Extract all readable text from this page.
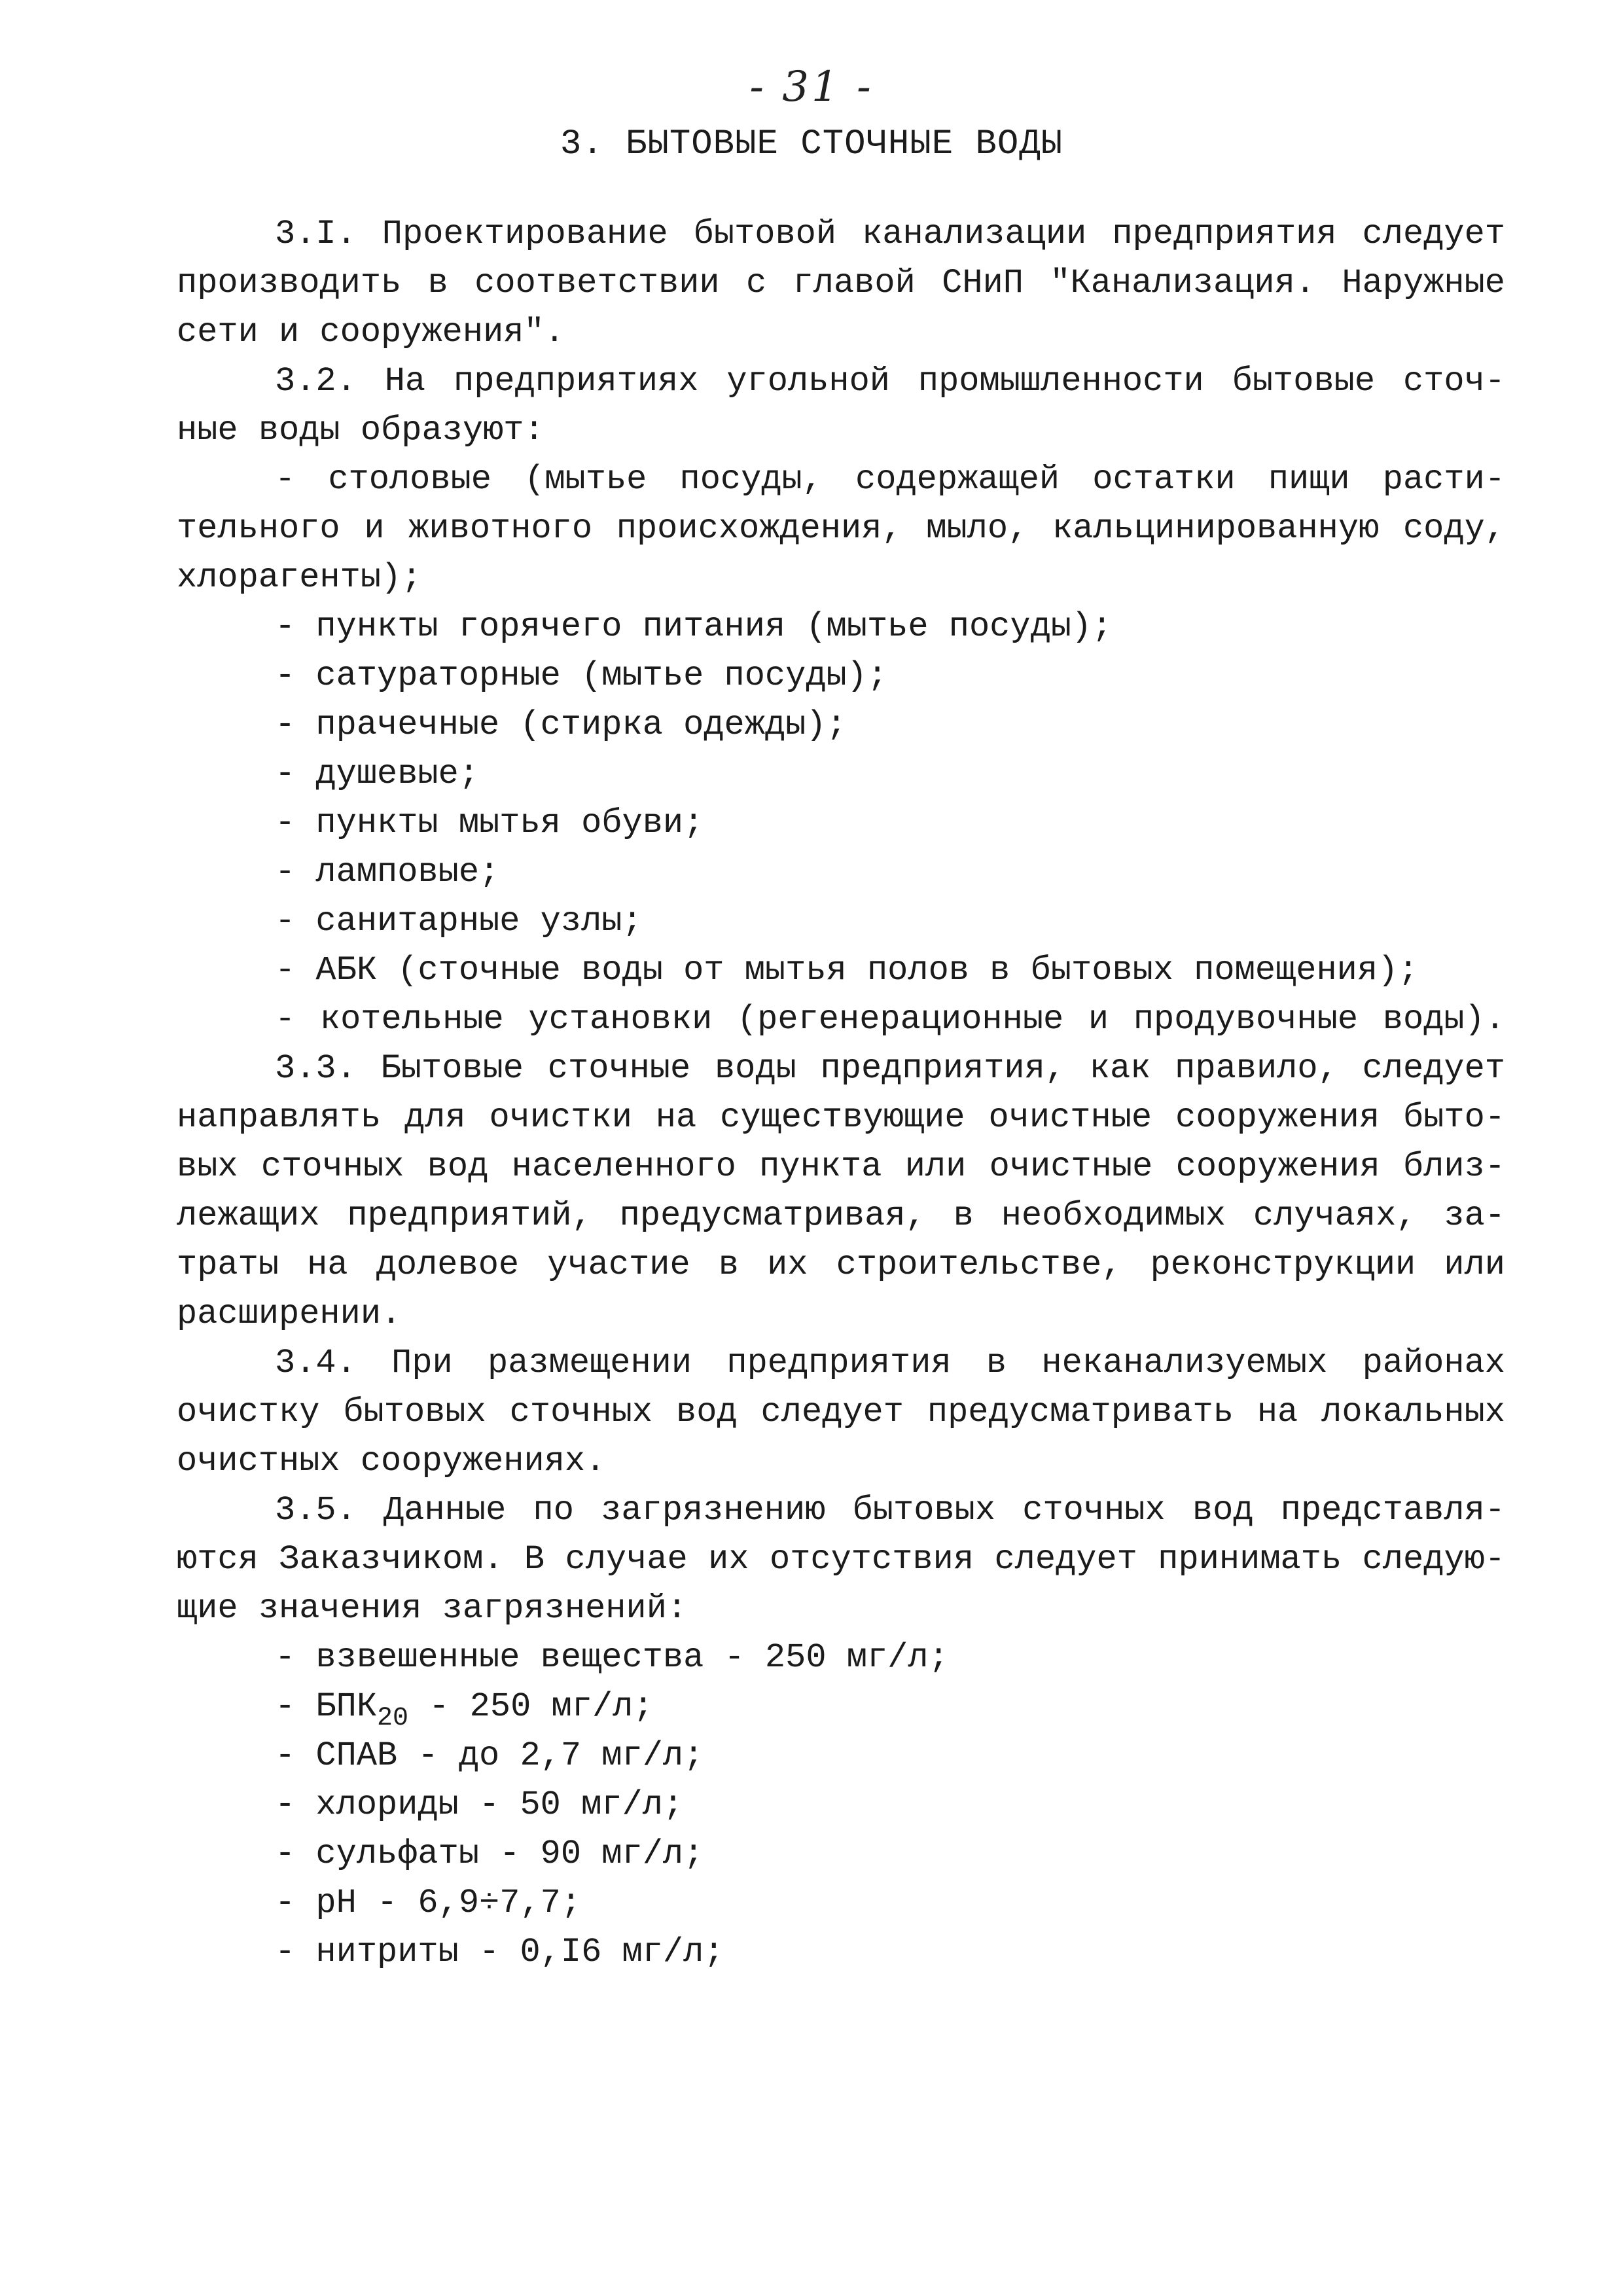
- 31 -
3. БЫТОВЫЕ СТОЧНЫЕ ВОДЫ
3.I. Проектирование бытовой канализации предприятия следует
производить в соответствии с главой СНиП "Канализация. Наружные
сети и сооружения".
3.2. На предприятиях угольной промышленности бытовые сточ-
ные воды образуют:
- столовые (мытье посуды, содержащей остатки пищи расти-
тельного и животного происхождения, мыло, кальцинированную соду,
хлорагенты);
- пункты горячего питания (мытье посуды);
- сатураторные (мытье посуды);
- прачечные (стирка одежды);
- душевые;
- пункты мытья обуви;
- ламповые;
- санитарные узлы;
- АБК (сточные воды от мытья полов в бытовых помещения);
- котельные установки (регенерационные и продувочные воды).
3.3. Бытовые сточные воды предприятия, как правило, следует
направлять для очистки на существующие очистные сооружения быто-
вых сточных вод населенного пункта или очистные сооружения близ-
лежащих предприятий, предусматривая, в необходимых случаях, за-
траты на долевое участие в их строительстве, реконструкции или
расширении.
3.4. При размещении предприятия в неканализуемых районах
очистку бытовых сточных вод следует предусматривать на локальных
очистных сооружениях.
3.5. Данные по загрязнению бытовых сточных вод представля-
ются Заказчиком. В случае их отсутствия следует принимать следую-
щие значения загрязнений:
- взвешенные вещества - 250 мг/л;
- $БПК_{20} - 250$ мг/л;
- СПАВ - до 2,7 мг/л;
- хлориды - 50 мг/л;
- сульфаты - 90 мг/л;
- рН - 6,9÷7,7;
- нитриты - 0,I6 мг/л;
